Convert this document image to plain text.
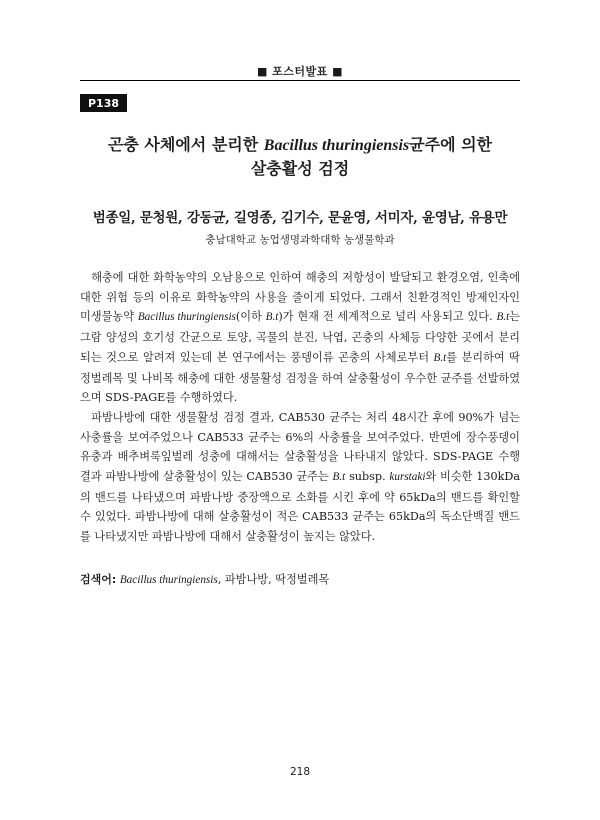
■ 포스터발표 ■
P138
곤충 사체에서 분리한 Bacillus thuringiensis균주에 의한
살충활성 검정
범종일, 문청원, 강동균, 길영종, 김기수, 문윤영, 서미자, 윤영남, 유용만
충남대학교 농업생명과학대학 농생물학과

해충에 대한 화학농약의 오남용으로 인하여 해충의 저항성이 발달되고 환경오염, 인축에 대한 위험 등의 이유로 화학농약의 사용을 줄이게 되었다. 그래서 친환경적인 방제인자인 미생물농약 Bacillus thuringiensis(이하 B.t)가 현재 전 세계적으로 널리 사용되고 있다. B.t는 그람 양성의 호기성 간균으로 토양, 곡물의 분진, 낙엽, 곤충의 사체등 다양한 곳에서 분리되는 것으로 알려져 있는데 본 연구에서는 풍뎅이류 곤충의 사체로부터 B.t를 분리하여 딱정벌레목 및 나비목 해충에 대한 생물활성 검정을 하여 살충활성이 우수한 균주를 선발하였으며 SDS-PAGE를 수행하였다.

파밤나방에 대한 생물활성 검정 결과, CAB530 균주는 처리 48시간 후에 90%가 넘는 사충률을 보여주었으나 CAB533 균주는 6%의 사충률을 보여주었다. 반면에 장수풍뎅이 유충과 배추벼룩잎벌레 성충에 대해서는 살충활성을 나타내지 않았다. SDS-PAGE 수행 결과 파밤나방에 살충활성이 있는 CAB530 균주는 B.t subsp. kurstaki와 비슷한 130kDa의 밴드를 나타냈으며 파밤나방 중장액으로 소화를 시킨 후에 약 65kDa의 밴드를 확인할 수 있었다. 파밤나방에 대해 살충활성이 적은 CAB533 균주는 65kDa의 독소단백질 밴드를 나타냈지만 파밤나방에 대해서 살충활성이 높지는 않았다.

검색어: Bacillus thuringiensis, 파밤나방, 딱정벌레목
218
